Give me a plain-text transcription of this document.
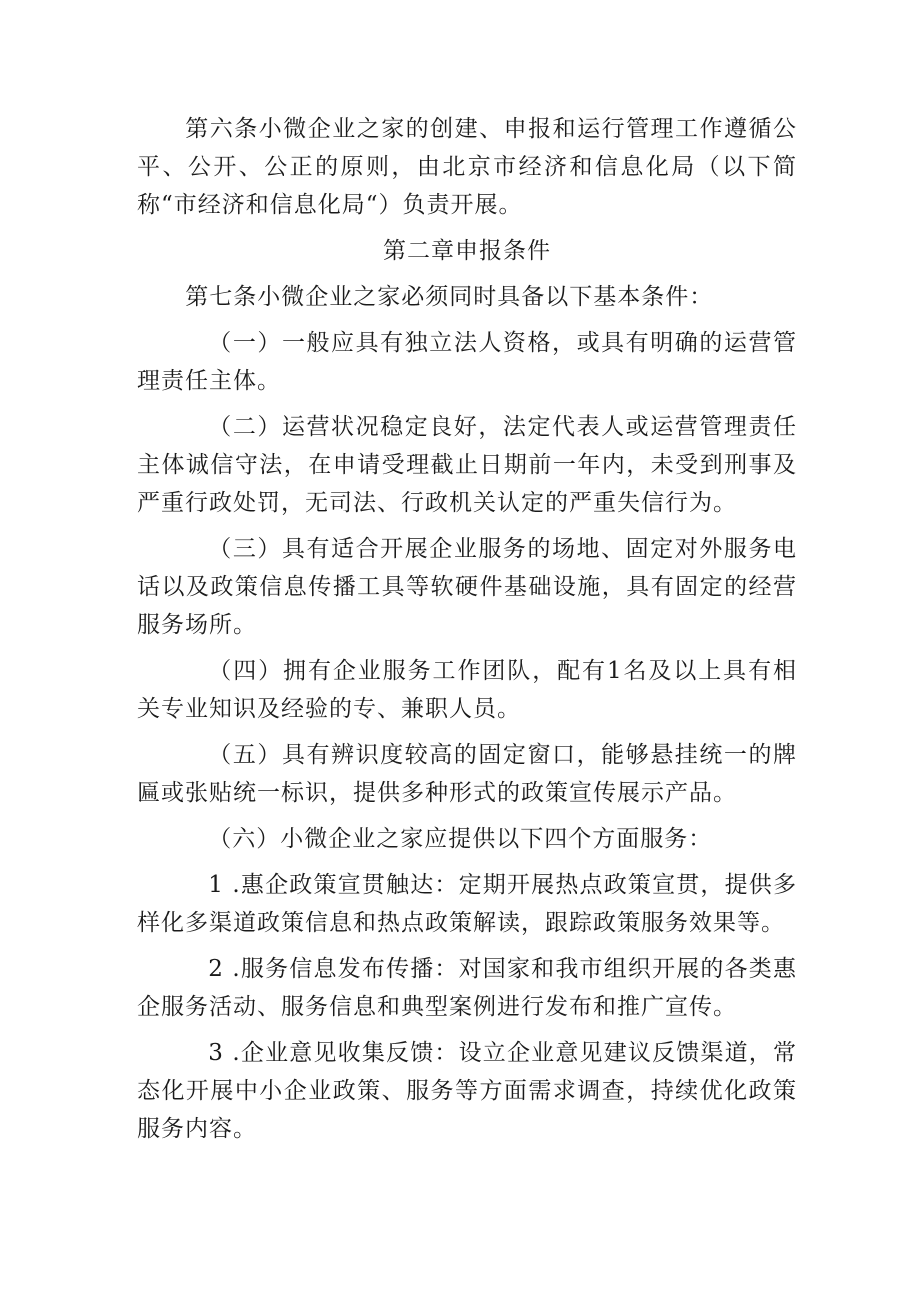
第六条小微企业之家的创建、申报和运行管理工作遵循公平、公开、公正的原则，由北京市经济和信息化局（以下简称“市经济和信息化局“）负责开展。

第二章申报条件

第七条小微企业之家必须同时具备以下基本条件：

（一）一般应具有独立法人资格，或具有明确的运营管理责任主体。

（二）运营状况稳定良好，法定代表人或运营管理责任主体诚信守法，在申请受理截止日期前一年内，未受到刑事及严重行政处罚，无司法、行政机关认定的严重失信行为。

（三）具有适合开展企业服务的场地、固定对外服务电话以及政策信息传播工具等软硬件基础设施，具有固定的经营服务场所。

（四）拥有企业服务工作团队，配有1名及以上具有相关专业知识及经验的专、兼职人员。

（五）具有辨识度较高的固定窗口，能够悬挂统一的牌匾或张贴统一标识，提供多种形式的政策宣传展示产品。

（六）小微企业之家应提供以下四个方面服务：

1 .惠企政策宣贯触达：定期开展热点政策宣贯，提供多样化多渠道政策信息和热点政策解读，跟踪政策服务效果等。

2 .服务信息发布传播：对国家和我市组织开展的各类惠企服务活动、服务信息和典型案例进行发布和推广宣传。

3 .企业意见收集反馈：设立企业意见建议反馈渠道，常态化开展中小企业政策、服务等方面需求调查，持续优化政策服务内容。
